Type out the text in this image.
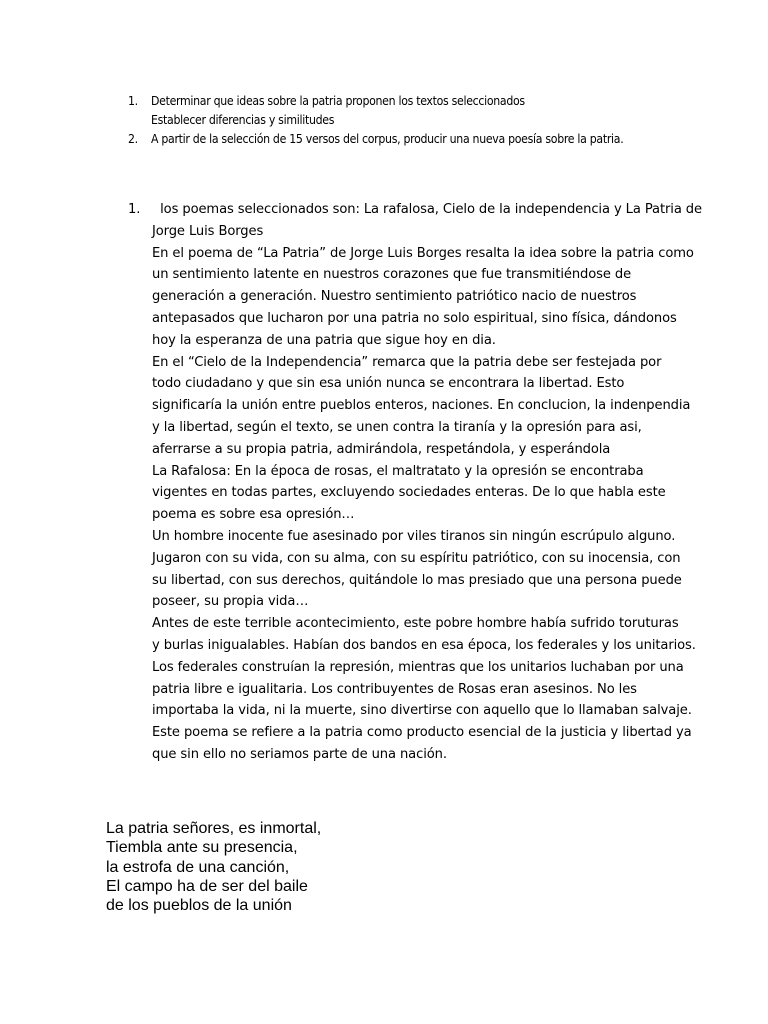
1.	Determinar que ideas sobre la patria proponen los textos seleccionados
Establecer diferencias y similitudes
2.	A partir de la selección de 15 versos del corpus, producir una nueva poesía sobre la patria.
1. los poemas seleccionados son: La rafalosa, Cielo de la independencia y La Patria de
Jorge Luis Borges
En el poema de “La Patria” de Jorge Luis Borges resalta la idea sobre la patria como
un sentimiento latente en nuestros corazones que fue transmitiéndose de
generación a generación. Nuestro sentimiento patriótico nacio de nuestros
antepasados que lucharon por una patria no solo espiritual, sino física, dándonos
hoy la esperanza de una patria que sigue hoy en dia.
En el “Cielo de la Independencia” remarca que la patria debe ser festejada por
todo ciudadano y que sin esa unión nunca se encontrara la libertad. Esto
significaría la unión entre pueblos enteros, naciones. En conclucion, la indenpendia
y la libertad, según el texto, se unen contra la tiranía y la opresión para asi,
aferrarse a su propia patria, admirándola, respetándola, y esperándola
La Rafalosa: En la época de rosas, el maltratato y la opresión se encontraba
vigentes en todas partes, excluyendo sociedades enteras. De lo que habla este
poema es sobre esa opresión…
Un hombre inocente fue asesinado por viles tiranos sin ningún escrúpulo alguno.
Jugaron con su vida, con su alma, con su espíritu patriótico, con su inocensia, con
su libertad, con sus derechos, quitándole lo mas presiado que una persona puede
poseer, su propia vida…
Antes de este terrible acontecimiento, este pobre hombre había sufrido toruturas
y burlas inigualables. Habían dos bandos en esa época, los federales y los unitarios.
Los federales construían la represión, mientras que los unitarios luchaban por una
patria libre e igualitaria. Los contribuyentes de Rosas eran asesinos. No les
importaba la vida, ni la muerte, sino divertirse con aquello que lo llamaban salvaje.
Este poema se refiere a la patria como producto esencial de la justicia y libertad ya
que sin ello no seriamos parte de una nación.
La patria señores, es inmortal,
Tiembla ante su presencia,
la estrofa de una canción,
El campo ha de ser del baile
de los pueblos de la unión
